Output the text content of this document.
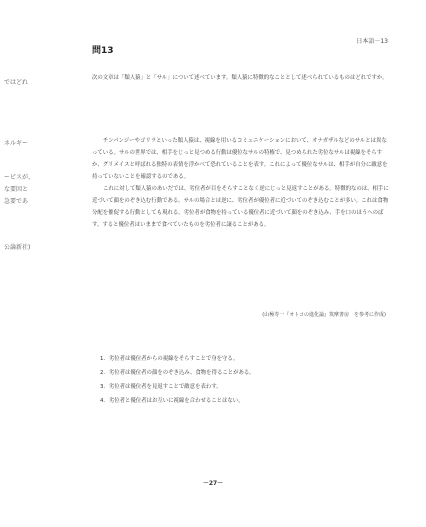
日本語－13
問13
ではどれ
ネルギー
ーピスが、
な要因と
急要であ
公論新社)

次の文章は「類人猿」と「サル」について述べています。類人猿に特徴的なこととして述べられているものはどれですか。

チンパンジーやゴリラといった類人猿は、視線を用いるコミュニケーションにおいて、オナガザルなどのサルとは異なっている。サルの世界では、相手をじっと見つめる行動は優位なサルの特権で、見つめられた劣位なサルは視線をそらすか、グリメイスと呼ばれる独特の表情を浮かべて恐れていることを表す。これによって優位なサルは、相手が自分に敵意を持っていないことを確認するのである。

これに対して類人猿のあいだでは、劣位者が目をそらすことなく逆にじっと見返すことがある。特徴的なのは、相手に近づいて顔をのぞき込む行動である。サルの場合とは逆に、劣位者が優位者に近づいてのぞき込むことが多い。これは食物分配を催促する行動としても現れる。劣位者が食物を持っている優位者に近づいて顔をのぞき込み、手を口のほうへのばす。すると優位者はいままで食べていたものを劣位者に譲ることがある。

(山極寿一『オトコの進化論』筑摩書房　を参考に作成)
1．劣位者は優位者からの視線をそらすことで身を守る。
2．劣位者は優位者の顔をのぞき込み、食物を得ることがある。
3．劣位者は優位者を見返すことで敵意を表わす。
4．劣位者と優位者はお互いに視線を合わせることはない。
－27－
